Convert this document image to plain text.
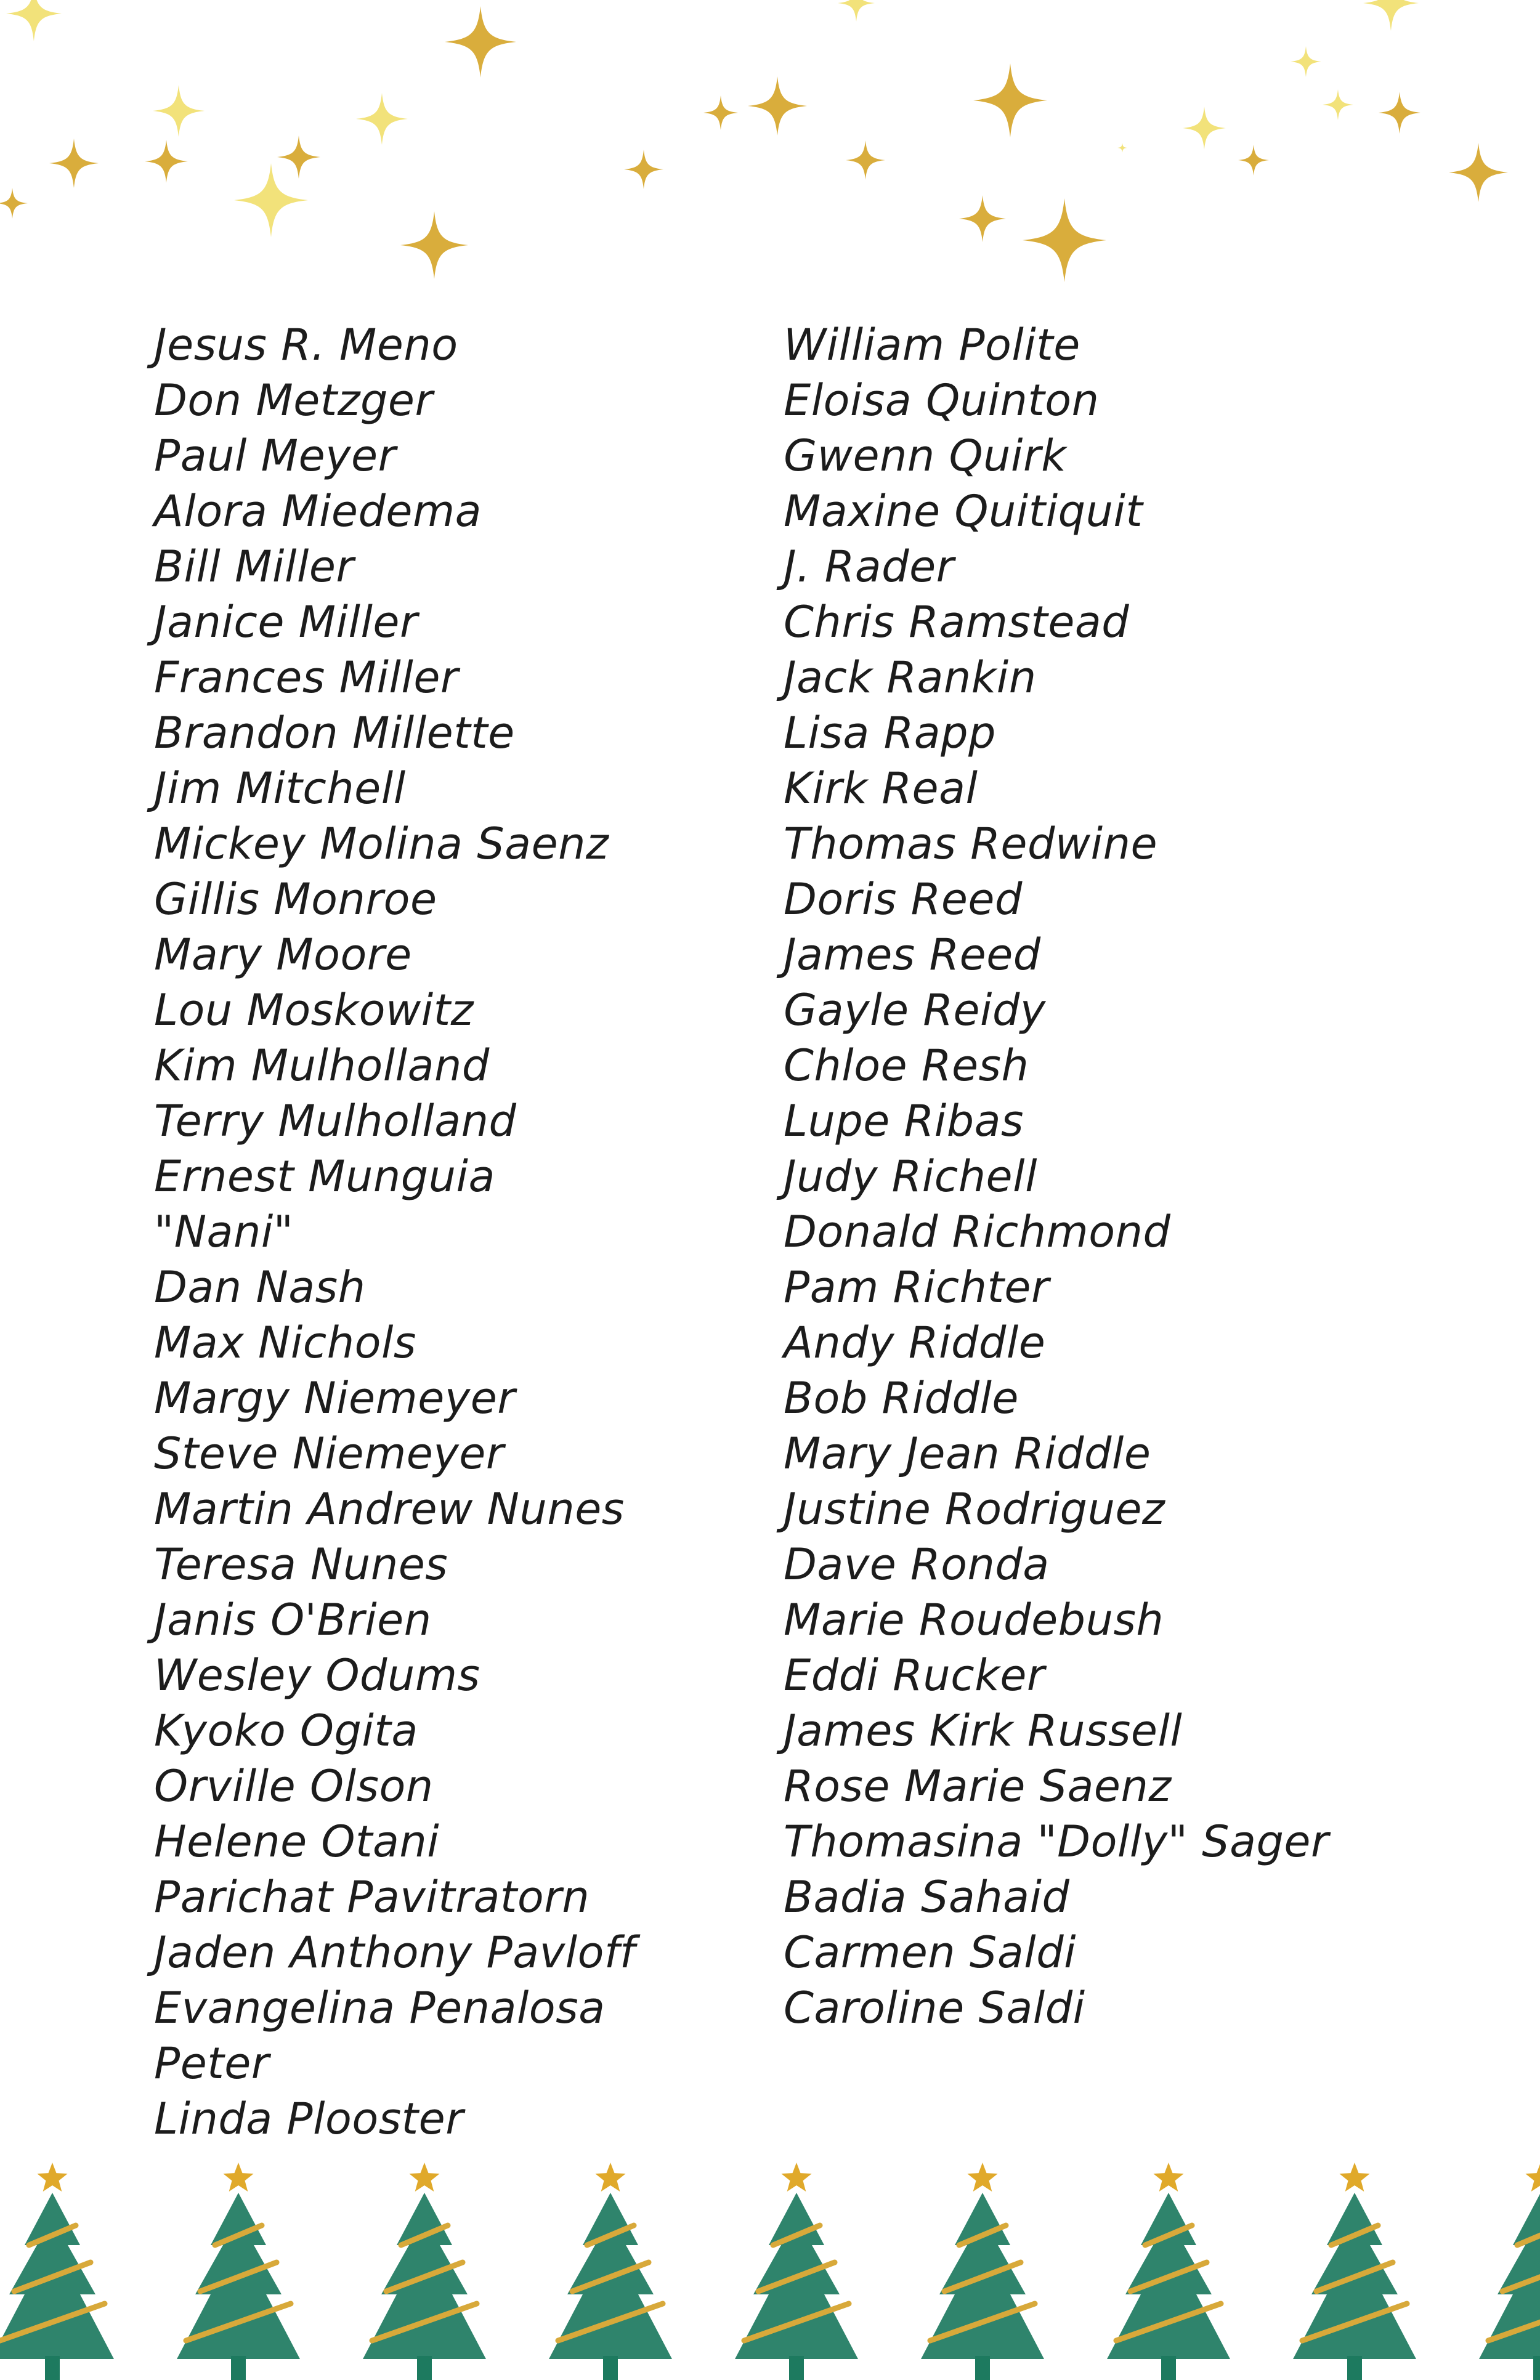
Jesus R. Meno
Don Metzger
Paul Meyer
Alora Miedema
Bill Miller
Janice Miller
Frances Miller
Brandon Millette
Jim Mitchell
Mickey Molina Saenz
Gillis Monroe
Mary Moore
Lou Moskowitz
Kim Mulholland
Terry Mulholland
Ernest Munguia
"Nani"
Dan Nash
Max Nichols
Margy Niemeyer
Steve Niemeyer
Martin Andrew Nunes
Teresa Nunes
Janis O'Brien
Wesley Odums
Kyoko Ogita
Orville Olson
Helene Otani
Parichat Pavitratorn
Jaden Anthony Pavloff
Evangelina Penalosa
Peter
Linda Plooster
William Polite
Eloisa Quinton
Gwenn Quirk
Maxine Quitiquit
J. Rader
Chris Ramstead
Jack Rankin
Lisa Rapp
Kirk Real
Thomas Redwine
Doris Reed
James Reed
Gayle Reidy
Chloe Resh
Lupe Ribas
Judy Richell
Donald Richmond
Pam Richter
Andy Riddle
Bob Riddle
Mary Jean Riddle
Justine Rodriguez
Dave Ronda
Marie Roudebush
Eddi Rucker
James Kirk Russell
Rose Marie Saenz
Thomasina "Dolly" Sager
Badia Sahaid
Carmen Saldi
Caroline Saldi
